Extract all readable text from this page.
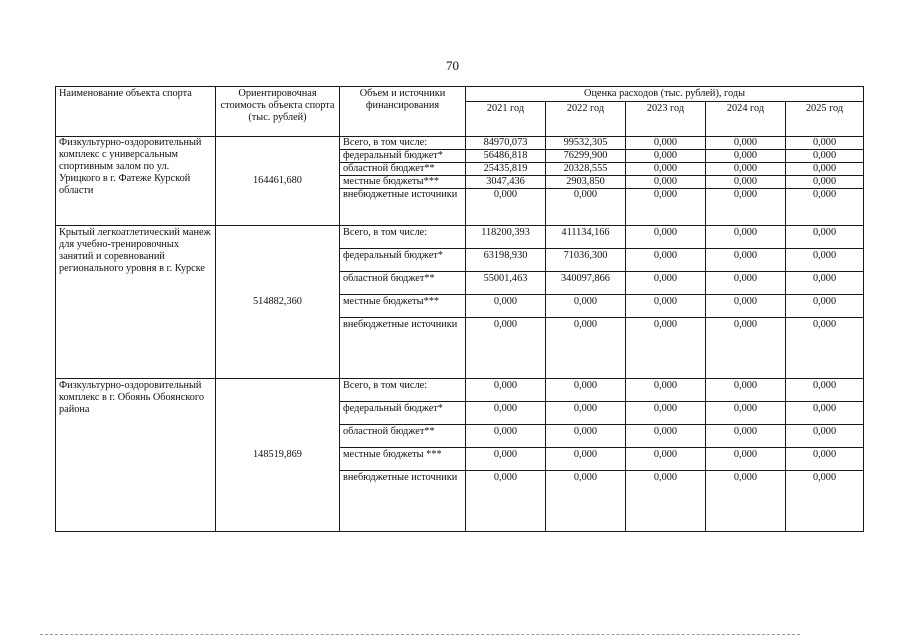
70
Наименование объекта спорта	Ориентировочная стоимость объекта спорта (тыс. рублей)	Объем и источники финансирования	Оценка расходов (тыс. рублей), годы				
			2021 год	2022 год	2023 год	2024 год	2025 год
Физкультурно-оздоровительный комплекс с универсальным спортивным залом по ул. Урицкого в г. Фатеже Курской области	164461,680	Всего, в том числе:	84970,073	99532,305	0,000	0,000	0,000
		федеральный бюджет*	56486,818	76299,900	0,000	0,000	0,000
		областной бюджет**	25435,819	20328,555	0,000	0,000	0,000
		местные бюджеты***	3047,436	2903,850	0,000	0,000	0,000
		внебюджетные источники	0,000	0,000	0,000	0,000	0,000
Крытый легкоатлетический манеж для учебно-тренировочных занятий и соревнований регионального уровня в г. Курске	514882,360	Всего, в том числе:	118200,393	411134,166	0,000	0,000	0,000
		федеральный бюджет*	63198,930	71036,300	0,000	0,000	0,000
		областной бюджет**	55001,463	340097,866	0,000	0,000	0,000
		местные бюджеты***	0,000	0,000	0,000	0,000	0,000
		внебюджетные источники	0,000	0,000	0,000	0,000	0,000
Физкультурно-оздоровительный комплекс в г. Обоянь Обоянского района	148519,869	Всего, в том числе:	0,000	0,000	0,000	0,000	0,000
		федеральный бюджет*	0,000	0,000	0,000	0,000	0,000
		областной бюджет**	0,000	0,000	0,000	0,000	0,000
		местные бюджеты ***	0,000	0,000	0,000	0,000	0,000
		внебюджетные источники	0,000	0,000	0,000	0,000	0,000
